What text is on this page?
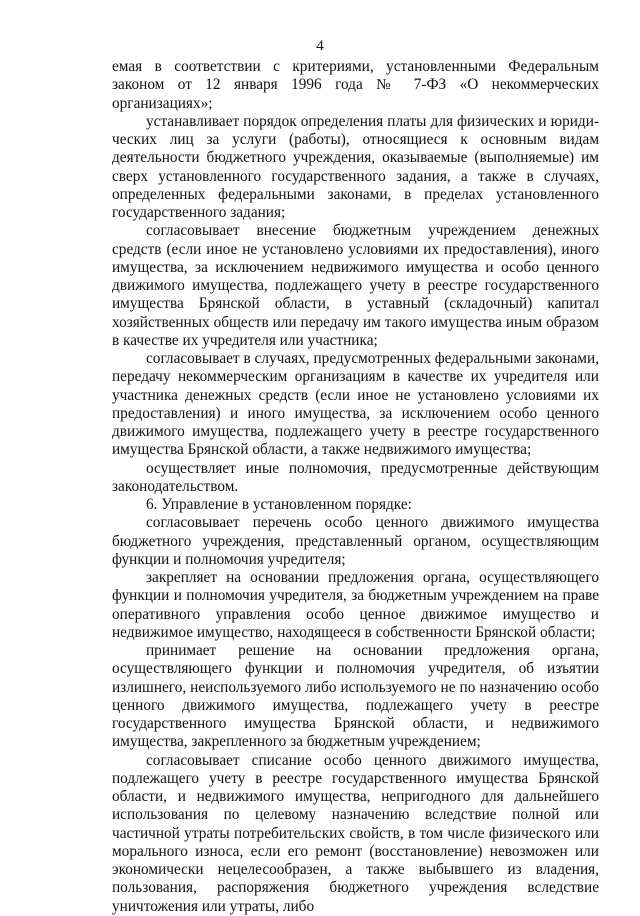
4

емая в соответствии с критериями, установленными Федеральным законом от 12 января 1996 года № 7-ФЗ «О некоммерческих организациях»;

устанавливает порядок определения платы для физических и юридических лиц за услуги (работы), относящиеся к основным видам деятельности бюджетного учреждения, оказываемые (выполняемые) им сверх установленного государственного задания, а также в случаях, определенных федеральными законами, в пределах установленного государственного задания;

согласовывает внесение бюджетным учреждением денежных средств (если иное не установлено условиями их предоставления), иного имущества, за исключением недвижимого имущества и особо ценного движимого имущества, подлежащего учету в реестре государственного имущества Брянской области, в уставный (складочный) капитал хозяйственных обществ или передачу им такого имущества иным образом в качестве их учредителя или участника;

согласовывает в случаях, предусмотренных федеральными законами, передачу некоммерческим организациям в качестве их учредителя или участника денежных средств (если иное не установлено условиями их предоставления) и иного имущества, за исключением особо ценного движимого имущества, подлежащего учету в реестре государственного имущества Брянской области, а также недвижимого имущества;

осуществляет иные полномочия, предусмотренные действующим законодательством.

6. Управление в установленном порядке:

согласовывает перечень особо ценного движимого имущества бюджетного учреждения, представленный органом, осуществляющим функции и полномочия учредителя;

закрепляет на основании предложения органа, осуществляющего функции и полномочия учредителя, за бюджетным учреждением на праве оперативного управления особо ценное движимое имущество и недвижимое имущество, находящееся в собственности Брянской области;

принимает решение на основании предложения органа, осуществляющего функции и полномочия учредителя, об изъятии излишнего, неиспользуемого либо используемого не по назначению особо ценного движимого имущества, подлежащего учету в реестре государственного имущества Брянской области, и недвижимого имущества, закрепленного за бюджетным учреждением;

согласовывает списание особо ценного движимого имущества, подлежащего учету в реестре государственного имущества Брянской области, и недвижимого имущества, непригодного для дальнейшего использования по целевому назначению вследствие полной или частичной утраты потребительских свойств, в том числе физического или морального износа, если его ремонт (восстановление) невозможен или экономически нецелесообразен, а также выбывшего из владения, пользования, распоряжения бюджетного учреждения вследствие уничтожения или утраты, либо
